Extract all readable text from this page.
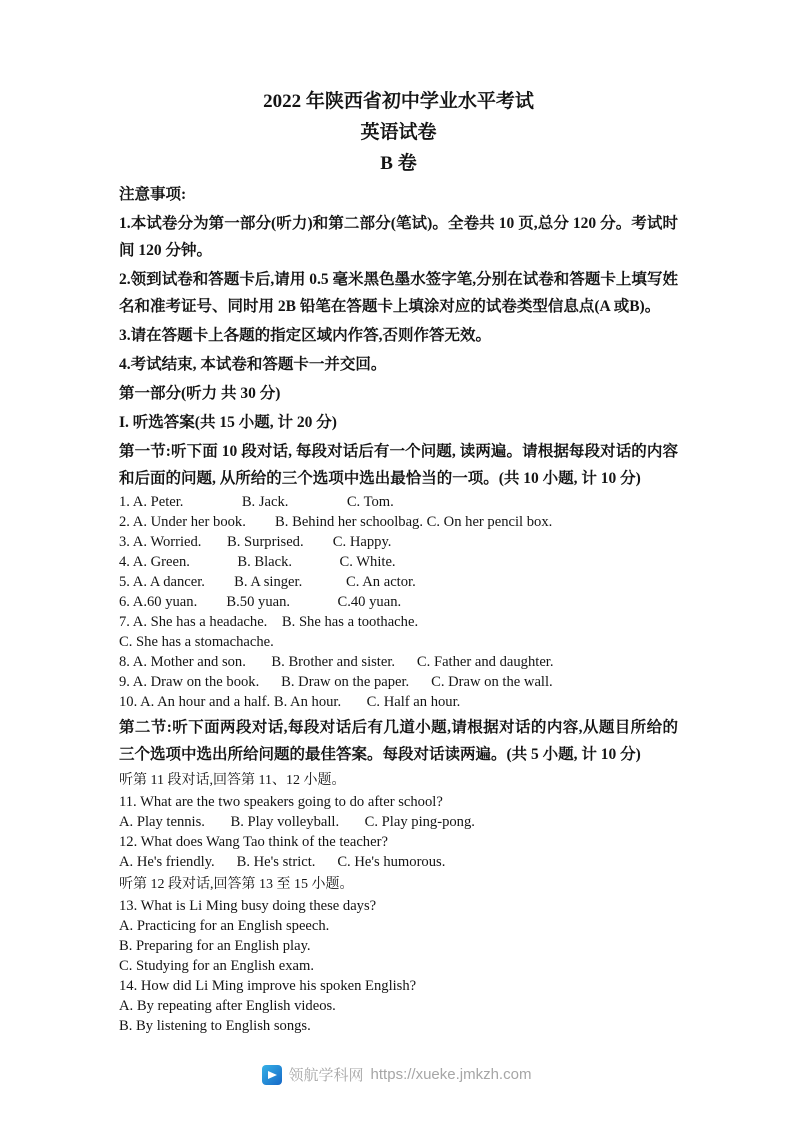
2022 年陕西省初中学业水平考试
英语试卷
B 卷
注意事项:
1.本试卷分为第一部分(听力)和第二部分(笔试)。全卷共 10 页,总分 120 分。考试时间 120 分钟。
2.领到试卷和答题卡后,请用 0.5 毫米黑色墨水签字笔,分别在试卷和答题卡上填写姓名和准考证号、同时用 2B 铅笔在答题卡上填涂对应的试卷类型信息点(A 或B)。
3.请在答题卡上各题的指定区域内作答,否则作答无效。
4.考试结束, 本试卷和答题卡一并交回。
第一部分(听力 共 30 分)
I. 听选答案(共 15 小题, 计 20 分)
第一节:听下面 10 段对话, 每段对话后有一个问题, 读两遍。请根据每段对话的内容和后面的问题, 从所给的三个选项中选出最恰当的一项。(共 10 小题, 计 10 分)
1. A. Peter.                B. Jack.                C. Tom.
2. A. Under her book.        B. Behind her schoolbag. C. On her pencil box.
3. A. Worried.       B. Surprised.        C. Happy.
4. A. Green.             B. Black.             C. White.
5. A. A dancer.        B. A singer.            C. An actor.
6. A.60 yuan.        B.50 yuan.             C.40 yuan.
7. A. She has a headache.    B. She has a toothache.
C. She has a stomachache.
8. A. Mother and son.       B. Brother and sister.      C. Father and daughter.
9. A. Draw on the book.      B. Draw on the paper.      C. Draw on the wall.
10. A. An hour and a half. B. An hour.       C. Half an hour.
第二节:听下面两段对话,每段对话后有几道小题,请根据对话的内容,从题目所给的三个选项中选出所给问题的最佳答案。每段对话读两遍。(共 5 小题, 计 10 分)
听第 11 段对话,回答第 11、12 小题。
11. What are the two speakers going to do after school?
A. Play tennis.       B. Play volleyball.       C. Play ping-pong.
12. What does Wang Tao think of the teacher?
A. He's friendly.      B. He's strict.      C. He's humorous.
听第 12 段对话,回答第 13 至 15 小题。
13. What is Li Ming busy doing these days?
A. Practicing for an English speech.
B. Preparing for an English play.
C. Studying for an English exam.
14. How did Li Ming improve his spoken English?
A. By repeating after English videos.
B. By listening to English songs.
领航学科网 https://xueke.jmkzh.com
